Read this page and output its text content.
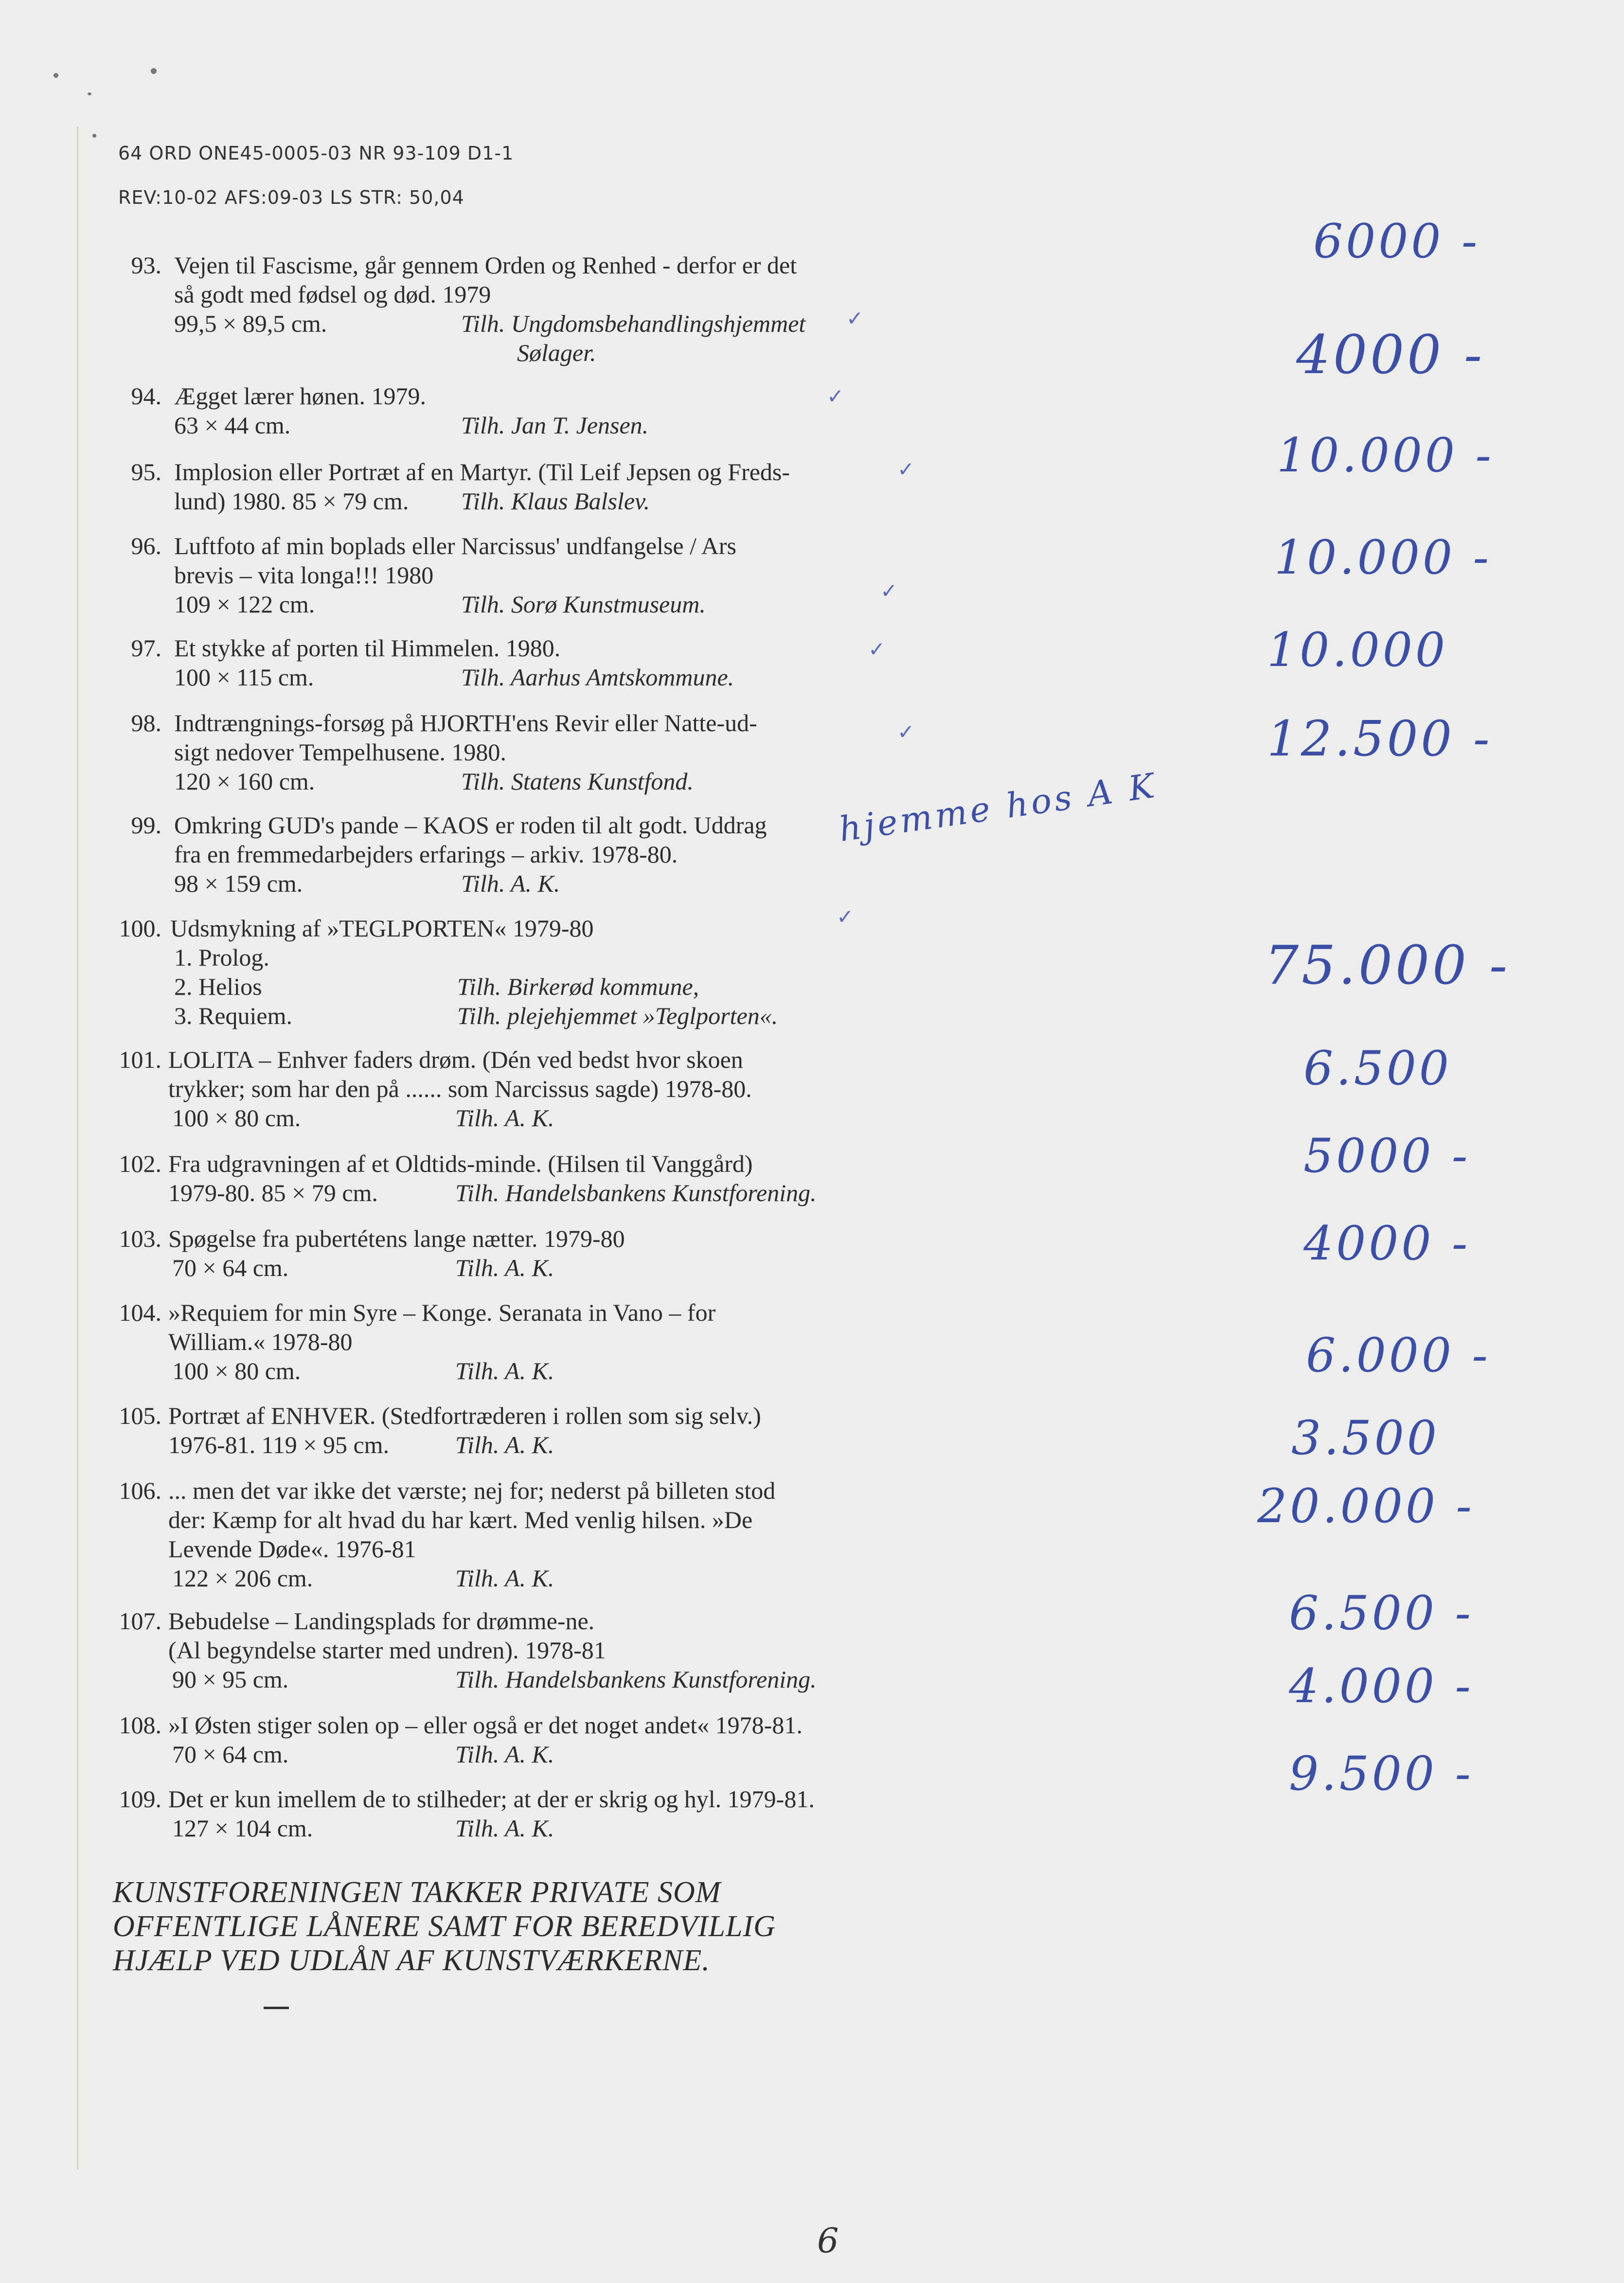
64 ORD ONE45-0005-03 NR 93-109 D1-1
REV:10-02 AFS:09-03 LS STR: 50,04
93. Vejen til Fascisme, går gennem Orden og Renhed - derfor er det
så godt med fødsel og død. 1979
99,5 × 89,5 cm.	Tilh. Ungdomsbehandlingshjemmet
Sølager.
94. Ægget lærer hønen. 1979.
63 × 44 cm.	Tilh. Jan T. Jensen.
95. Implosion eller Portræt af en Martyr. (Til Leif Jepsen og Freds-
lund) 1980. 85 × 79 cm. Tilh. Klaus Balslev.
96. Luftfoto af min boplads eller Narcissus' undfangelse / Ars
brevis – vita longa!!! 1980
109 × 122 cm.	Tilh. Sorø Kunstmuseum.
97. Et stykke af porten til Himmelen. 1980.
100 × 115 cm.	Tilh. Aarhus Amtskommune.
98. Indtrængnings-forsøg på HJORTH'ens Revir eller Natte-ud-
sigt nedover Tempelhusene. 1980.
120 × 160 cm.	Tilh. Statens Kunstfond.
99. Omkring GUD's pande – KAOS er roden til alt godt. Uddrag
fra en fremmedarbejders erfarings – arkiv. 1978-80.
98 × 159 cm.	Tilh. A. K.
100. Udsmykning af »TEGLPORTEN« 1979-80
1. Prolog.
2. Helios	Tilh. Birkerød kommune,
3. Requiem.	Tilh. plejehjemmet »Teglporten«.
101. LOLITA – Enhver faders drøm. (Dén ved bedst hvor skoen
trykker; som har den på ...... som Narcissus sagde) 1978-80.
100 × 80 cm.	Tilh. A. K.
102. Fra udgravningen af et Oldtids-minde. (Hilsen til Vanggård)
1979-80. 85 × 79 cm.	Tilh. Handelsbankens Kunstforening.
103. Spøgelse fra pubertétens lange nætter. 1979-80
70 × 64 cm.	Tilh. A. K.
104. »Requiem for min Syre – Konge. Seranata in Vano – for
William.« 1978-80
100 × 80 cm.	Tilh. A. K.
105. Portræt af ENHVER. (Stedfortræderen i rollen som sig selv.)
1976-81. 119 × 95 cm.	Tilh. A. K.
106. ... men det var ikke det værste; nej for; nederst på billeten stod
der: Kæmp for alt hvad du har kært. Med venlig hilsen. »De
Levende Døde«. 1976-81
122 × 206 cm.	Tilh. A. K.
107. Bebudelse – Landingsplads for drømme-ne.
(Al begyndelse starter med undren). 1978-81
90 × 95 cm.	Tilh. Handelsbankens Kunstforening.
108. »I Østen stiger solen op – eller også er det noget andet« 1978-81.
70 × 64 cm.	Tilh. A. K.
109. Det er kun imellem de to stilheder; at der er skrig og hyl. 1979-81.
127 × 104 cm.	Tilh. A. K.
KUNSTFORENINGEN TAKKER PRIVATE SOM
OFFENTLIGE LÅNERE SAMT FOR BEREDVILLIG
HJÆLP VED UDLÅN AF KUNSTVÆRKERNE.
6000 -
4000 -
10.000 -
10.000 -
10.000
12.500 -
hjemme hos A K
75.000 -
6.500
5000 -
4000 -
6.000 -
3.500
20.000 -
6.500 -
4.000 -
9.500 -
✓
✓
✓
✓
✓
✓
✓
6
